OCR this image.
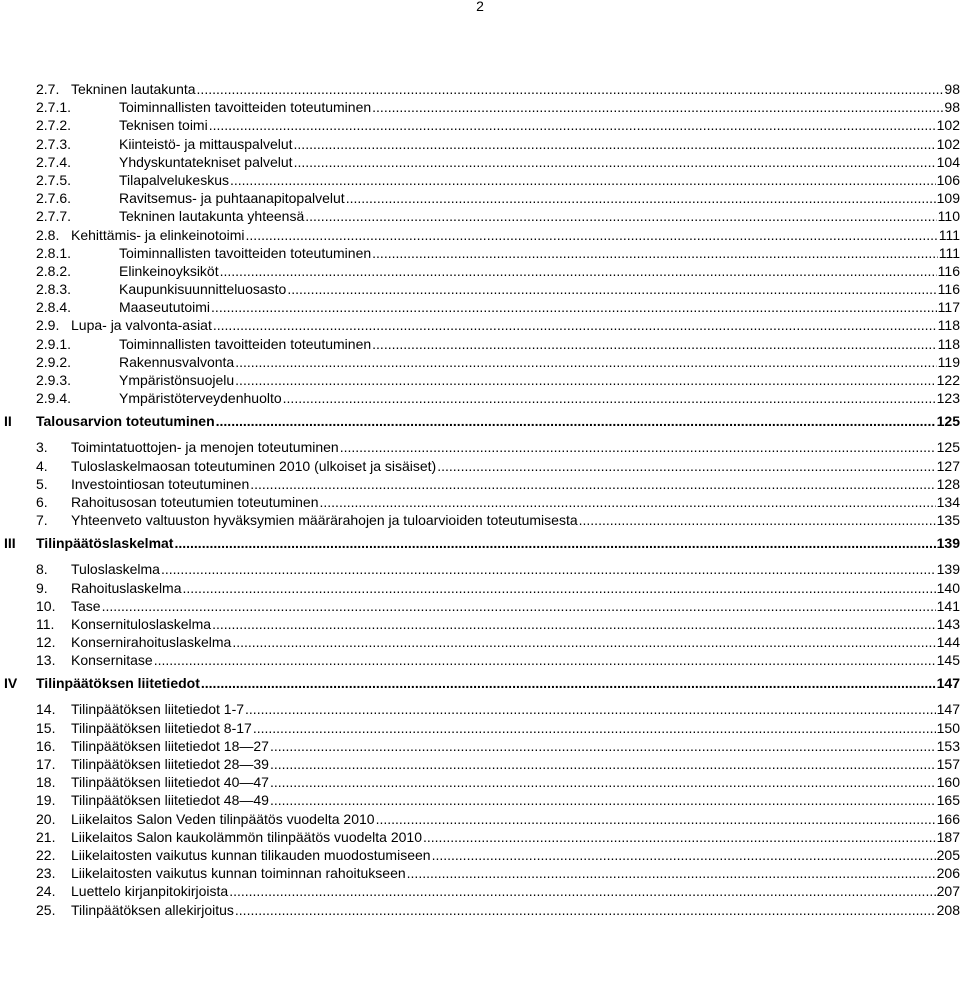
2
2.7. Tekninen lautakunta .....	98
2.7.1.	Toiminnallisten tavoitteiden toteutuminen .....	98
2.7.2.	Teknisen toimi .....	102
2.7.3.	Kiinteistö- ja mittauspalvelut .....	102
2.7.4.	Yhdyskuntatekniset palvelut .....	104
2.7.5.	Tilapalvelukeskus .....	106
2.7.6.	Ravitsemus- ja puhtaanapitopalvelut .....	109
2.7.7.	Tekninen lautakunta yhteensä .....	110
2.8. Kehittämis- ja elinkeinotoimi .....	111
2.8.1.	Toiminnallisten tavoitteiden toteutuminen .....	111
2.8.2.	Elinkeinoyksiköt .....	116
2.8.3.	Kaupunkisuunnitteluosasto .....	116
2.8.4.	Maaseututoimi .....	117
2.9. Lupa- ja valvonta-asiat .....	118
2.9.1.	Toiminnallisten tavoitteiden toteutuminen .....	118
2.9.2.	Rakennusvalvonta .....	119
2.9.3.	Ympäristönsuojelu .....	122
2.9.4.	Ympäristöterveydenhuolto .....	123
II Talousarvion toteutuminen .....	125
3. Toimintatuottojen- ja menojen toteutuminen .....	125
4. Tuloslaskelmaosan toteutuminen 2010 (ulkoiset ja sisäiset) .....	127
5. Investointiosan toteutuminen .....	128
6. Rahoitusosan toteutumien toteutuminen .....	134
7. Yhteenveto valtuuston hyväksymien määrärahojen ja tuloarvioiden toteutumisesta .....	135
III Tilinpäätöslaskelmat .....	139
8. Tuloslaskelma .....	139
9. Rahoituslaskelma .....	140
10. Tase .....	141
11. Konsernituloslaskelma .....	143
12. Konsernirahoituslaskelma .....	144
13. Konsernitase .....	145
IV Tilinpäätöksen liitetiedot .....	147
14. Tilinpäätöksen liitetiedot 1-7 .....	147
15. Tilinpäätöksen liitetiedot 8-17 .....	150
16. Tilinpäätöksen liitetiedot 18—27 .....	153
17. Tilinpäätöksen liitetiedot 28—39 .....	157
18. Tilinpäätöksen liitetiedot 40—47 .....	160
19. Tilinpäätöksen liitetiedot 48—49 .....	165
20. Liikelaitos Salon Veden tilinpäätös vuodelta 2010 .....	166
21. Liikelaitos Salon kaukolämmön tilinpäätös vuodelta 2010 .....	187
22. Liikelaitosten vaikutus kunnan tilikauden muodostumiseen .....	205
23. Liikelaitosten vaikutus kunnan toiminnan rahoitukseen .....	206
24. Luettelo kirjanpitokirjoista .....	207
25. Tilinpäätöksen allekirjoitus .....	208
